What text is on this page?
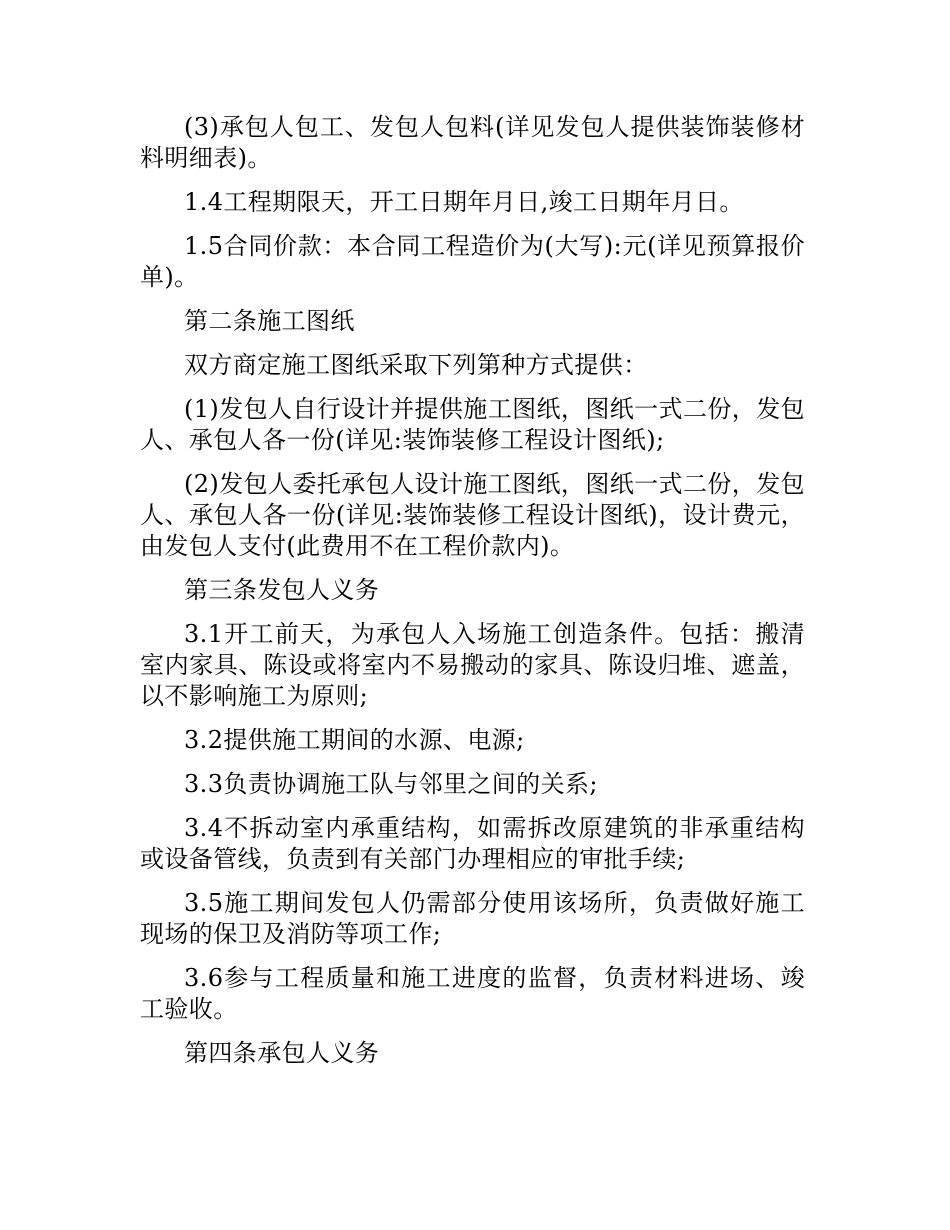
(3)承包人包工、发包人包料(详见发包人提供装饰装修材料明细表)。

1.4工程期限天，开工日期年月日,竣工日期年月日。

1.5合同价款：本合同工程造价为(大写):元(详见预算报价单)。

第二条施工图纸

双方商定施工图纸采取下列第种方式提供：

(1)发包人自行设计并提供施工图纸，图纸一式二份，发包人、承包人各一份(详见:装饰装修工程设计图纸);

(2)发包人委托承包人设计施工图纸，图纸一式二份，发包人、承包人各一份(详见:装饰装修工程设计图纸)，设计费元，由发包人支付(此费用不在工程价款内)。

第三条发包人义务

3.1开工前天，为承包人入场施工创造条件。包括：搬清室内家具、陈设或将室内不易搬动的家具、陈设归堆、遮盖，以不影响施工为原则;

3.2提供施工期间的水源、电源;

3.3负责协调施工队与邻里之间的关系;

3.4不拆动室内承重结构，如需拆改原建筑的非承重结构或设备管线，负责到有关部门办理相应的审批手续;

3.5施工期间发包人仍需部分使用该场所，负责做好施工现场的保卫及消防等项工作;

3.6参与工程质量和施工进度的监督，负责材料进场、竣工验收。

第四条承包人义务
